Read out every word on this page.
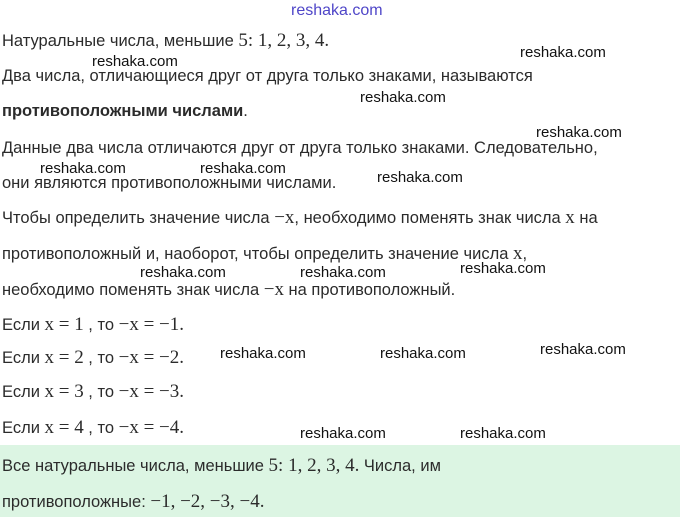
reshaka.com
Натуральные числа, меньшие 5: 1, 2, 3, 4.
Два числа, отличающиеся друг от друга только знаками, называются
противоположными числами.
Данные два числа отличаются друг от друга только знаками. Следовательно,
они являются противоположными числами.
Чтобы определить значение числа −x, необходимо поменять знак числа x на
противоположный и, наоборот, чтобы определить значение числа x,
необходимо поменять знак числа −x на противоположный.
Если x = 1 , то −x = −1.
Если x = 2 , то −x = −2.
Если x = 3 , то −x = −3.
Если x = 4 , то −x = −4.
Все натуральные числа, меньшие 5: 1, 2, 3, 4. Числа, им
противоположные: −1, −2, −3, −4.
reshaka.com
reshaka.com
reshaka.com
reshaka.com
reshaka.com	reshaka.com
reshaka.com
reshaka.com	reshaka.com	reshaka.com
reshaka.com	reshaka.com	reshaka.com
reshaka.com	reshaka.com
